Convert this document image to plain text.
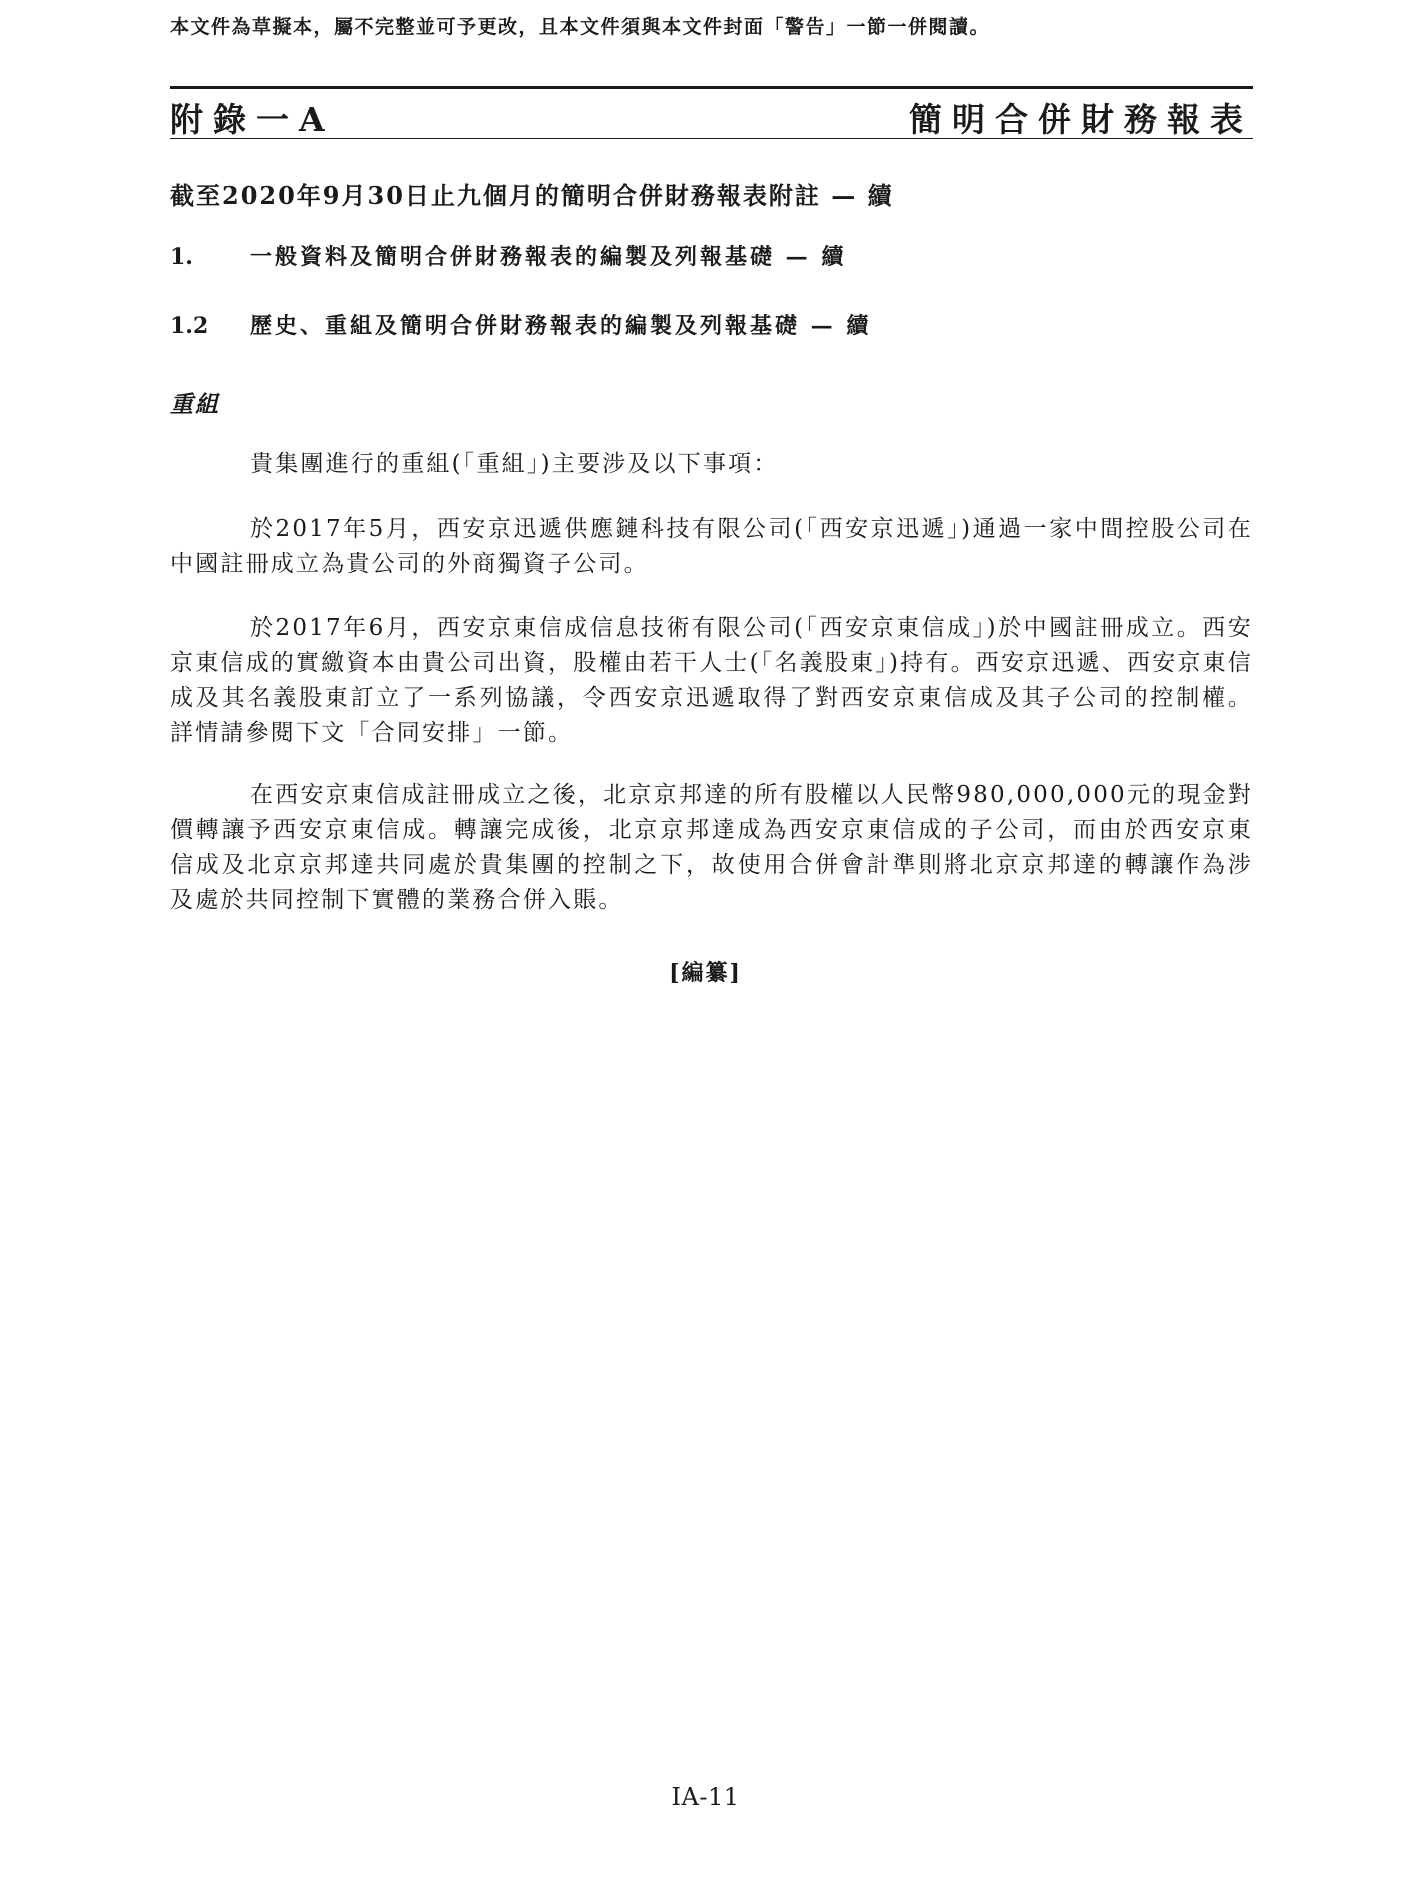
本文件為草擬本，屬不完整並可予更改，且本文件須與本文件封面「警告」一節一併閱讀。
附錄一A	簡明合併財務報表
截至2020年9月30日止九個月的簡明合併財務報表附註 — 續
1.	一般資料及簡明合併財務報表的編製及列報基礎 — 續
1.2 歷史、重組及簡明合併財務報表的編製及列報基礎 — 續
重組
貴集團進行的重組(「重組」)主要涉及以下事項：
於2017年5月，西安京迅遞供應鏈科技有限公司(「西安京迅遞」)通過一家中間控股公司在中國註冊成立為貴公司的外商獨資子公司。
於2017年6月，西安京東信成信息技術有限公司(「西安京東信成」)於中國註冊成立。西安京東信成的實繳資本由貴公司出資，股權由若干人士(「名義股東」)持有。西安京迅遞、西安京東信成及其名義股東訂立了一系列協議，令西安京迅遞取得了對西安京東信成及其子公司的控制權。詳情請參閱下文「合同安排」一節。
在西安京東信成註冊成立之後，北京京邦達的所有股權以人民幣980,000,000元的現金對價轉讓予西安京東信成。轉讓完成後，北京京邦達成為西安京東信成的子公司，而由於西安京東信成及北京京邦達共同處於貴集團的控制之下，故使用合併會計準則將北京京邦達的轉讓作為涉及處於共同控制下實體的業務合併入賬。
[編纂]
IA-11
